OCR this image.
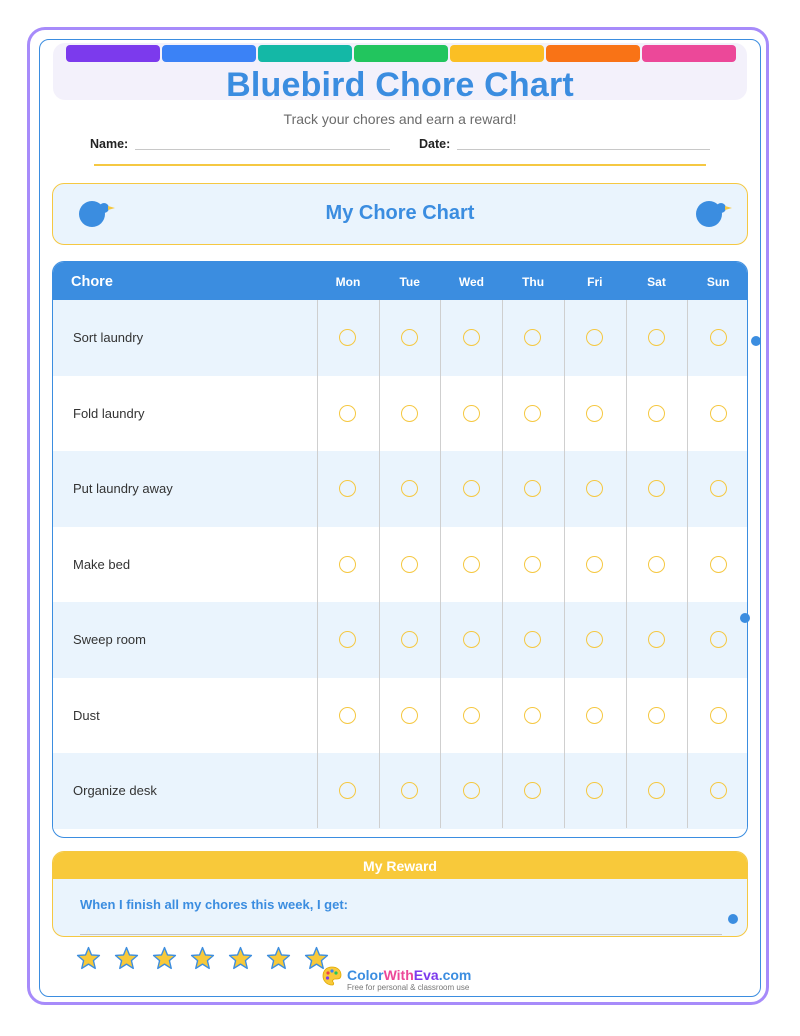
Bluebird Chore Chart
Track your chores and earn a reward!
Name:	Date:
My Chore Chart
Chore	Mon	Tue	Wed	Thu	Fri	Sat	Sun
Sort laundry
Fold laundry
Put laundry away
Make bed
Sweep room
Dust
Organize desk
My Reward
When I finish all my chores this week, I get:
ColorWithEva.com
Free for personal & classroom use
